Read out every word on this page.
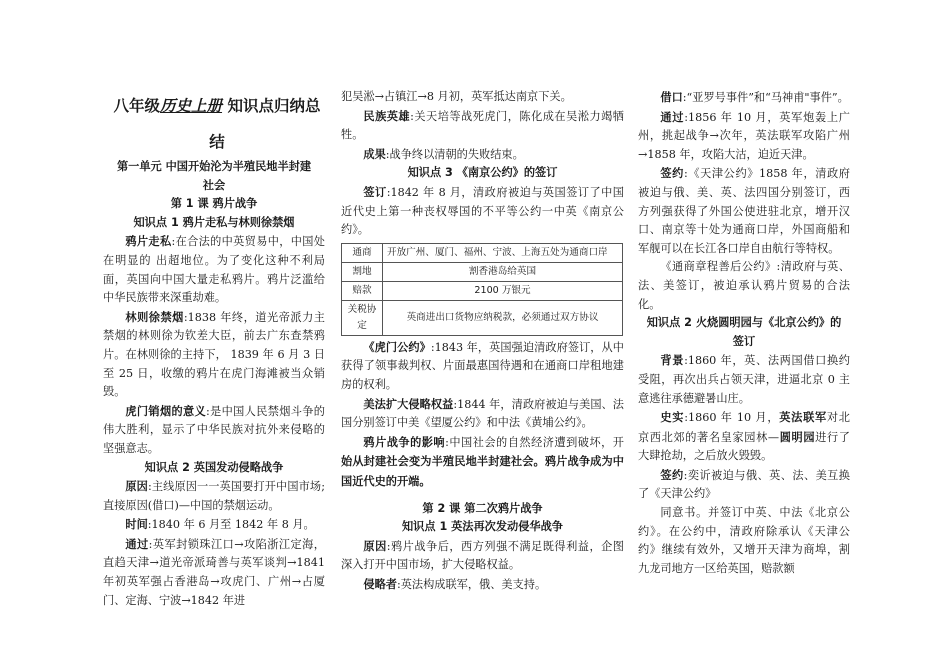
八年级历史上册 知识点归纳总

结

第一单元 中国开始沦为半殖民地半封建

社会

第 1 课 鸦片战争

知识点 1 鸦片走私与林则徐禁烟

鸦片走私:在合法的中英贸易中，中国处在明显的 出超地位。为了变化这种不利局面，英国向中国大量走私鸦片。鸦片泛滥给中华民族带来深重劫难。

林则徐禁烟:1838 年终，道光帝派力主禁烟的林则徐为钦差大臣，前去广东查禁鸦片。在林则徐的主持下， 1839 年 6 月 3 日至 25 日，收缴的鸦片在虎门海滩被当众销毁。

虎门销烟的意义:是中国人民禁烟斗争的伟大胜利，显示了中华民族对抗外来侵略的坚强意志。

知识点 2 英国发动侵略战争

原因:主线原因一一英国要打开中国市场;直接原因(借口)—中国的禁烟运动。

时间:1840 年 6 月至 1842 年 8 月。

通过:英军封锁珠江口→攻陷浙江定海，直趋天津→道光帝派琦善与英军谈判→1841 年初英军强占香港岛→攻虎门、广州→占厦门、定海、宁波→1842 年进

犯吴淞→占镇江→8 月初，英军抵达南京下关。

民族英雄:关天培等战死虎门，陈化成在吴淞力竭牺牲。

成果:战争终以清朝的失败结束。

知识点 3 《南京公约》的签订

签订:1842 年 8 月，清政府被迫与英国签订了中国近代史上第一种丧权辱国的不平等公约一中英《南京公约》。

通商	开放广州、厦门、福州、宁波、上海五处为通商口岸
割地	割香港岛给英国
赔款	2100 万银元
关税协定	英商进出口货物应纳税款，必须通过双方协议

《虎门公约》:1843 年，英国强迫清政府签订，从中获得了领事裁判权、片面最惠国待遇和在通商口岸租地建房的权利。

美法扩大侵略权益:1844 年，清政府被迫与美国、法国分别签订中美《望厦公约》和中法《黄埔公约》。

鸦片战争的影响:中国社会的自然经济遭到破坏，开始从封建社会变为半殖民地半封建社会。鸦片战争成为中国近代史的开端。

第 2 课 第二次鸦片战争

知识点 1 英法再次发动侵华战争

原因:鸦片战争后，西方列强不满足既得利益，企图深入打开中国市场，扩大侵略权益。

侵略者:英法构成联军，俄、美支持。

借口:“亚罗号事件”和“马神甫"事件”。

通过:1856 年 10 月，英军炮轰上广州，挑起战争→次年，英法联军攻陷广州→1858 年，攻陷大沽，迫近天津。

签约:《天津公约》1858 年，清政府被迫与俄、美、英、法四国分别签订，西方列强获得了外国公使进驻北京，增开汉口、南京等十处为通商口岸，外国商船和军舰可以在长江各口岸自由航行等特权。

《通商章程善后公约》:清政府与英、法、美签订，被迫承认鸦片贸易的合法化。

知识点 2 火烧圆明园与《北京公约》的

签订

背景:1860 年，英、法两国借口换约受阻，再次出兵占领天津，进逼北京 0 主意逃往承德避暑山庄。

史实:1860 年 10 月，英法联军对北京西北郊的著名皇家园林—圆明园进行了大肆抢劫，之后放火毁毁。

签约:奕䜣被迫与俄、英、法、美互换了《天津公约》

同意书。并签订中英、中法《北京公约》。在公约中，清政府除承认《天津公约》继续有效外，又增开天津为商埠，割九龙司地方一区给英国，赔款额
